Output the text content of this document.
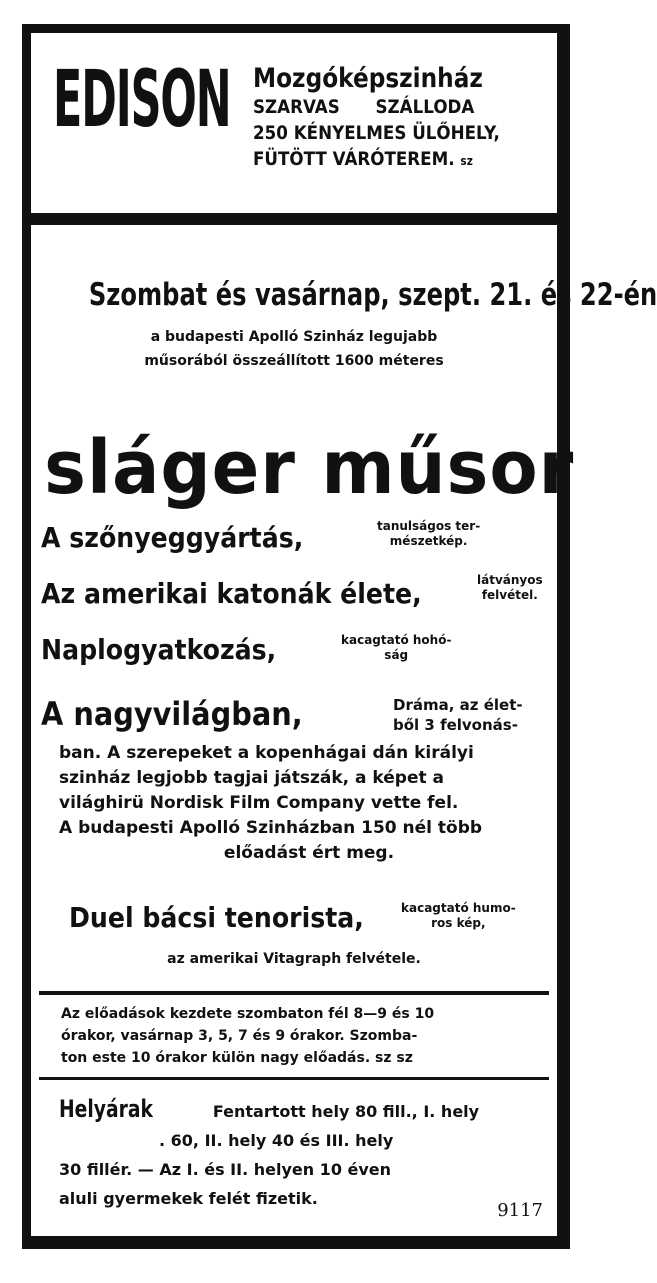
EDISON Mozgóképszinház
SZARVAS SZÁLLODA
250 KÉNYELMES ÜLŐHELY,
FÜTÖTT VÁRÓTEREM. sz
Szombat és vasárnap, szept. 21. és 22-én
a budapesti Apolló Szinház legujabb
műsorából összeállított 1600 méteres
sláger műsor
A szőnyeggyártás,	tanulságos ter-
mészetkép.
Az amerikai katonák élete,	látványos
felvétel.
Naplogyatkozás,	kacagtató hohó-
ság
A nagyvilágban,	Dráma, az élet-
ből 3 felvonás-
ban. A szerepeket a kopenhágai dán királyi
szinház legjobb tagjai játszák, a képet a
világhirü Nordisk Film Company vette fel.
A budapesti Apolló Szinházban 150 nél több
előadást ért meg.
Duel bácsi tenorista,	kacagtató humo-
ros kép,
az amerikai Vitagraph felvétele.
Az előadások kezdete szombaton fél 8—9 és 10
órakor, vasárnap 3, 5, 7 és 9 órakor. Szomba-
ton este 10 órakor külön nagy előadás. sz sz
Helyárak	Fentartott hely 80 fill., I. hely
. 60, II. hely 40 és III. hely
30 fillér. — Az I. és II. helyen 10 éven
aluli gyermekek felét fizetik.
9117
